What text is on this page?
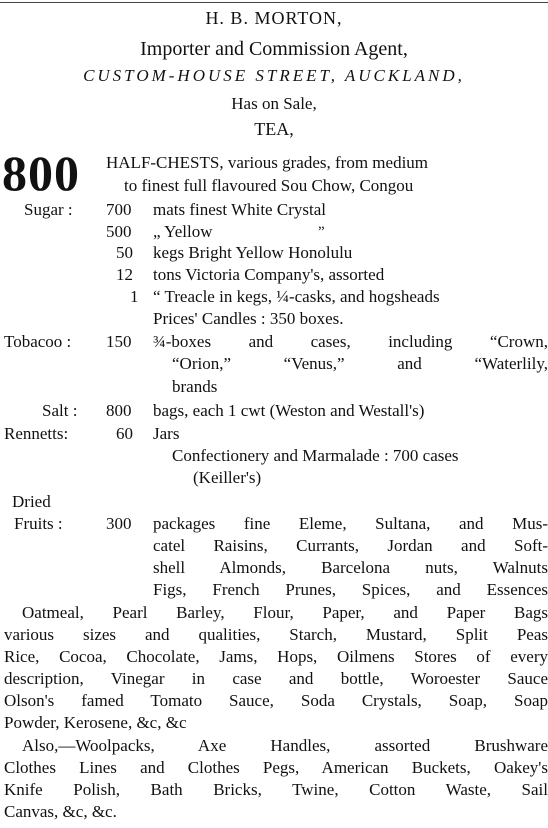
H. B. MORTON,
Importer and Commission Agent,
CUSTOM-HOUSE STREET, AUCKLAND,
Has on Sale,
TEA,
800 HALF-CHESTS, various grades, from medium
to finest full flavoured Sou Chow, Congou
Sugar : 700 mats finest White Crystal
500 „ Yellow	„
50 kegs Bright Yellow Honolulu
12 tons Victoria Company's, assorted
1 “ Treacle in kegs, ¼-casks, and hogsheads
Prices' Candles : 350 boxes.
Tobacoo : 150 ¾-boxes and cases, including “Crown,
“Orion,” “Venus,” and “Waterlily,
brands
Salt : 800 bags, each 1 cwt (Weston and Westall's)
Rennetts:	60 Jars
Confectionery and Marmalade : 700 cases
(Keiller's)
Dried
Fruits :	300 packages fine Eleme, Sultana, and Mus-
catel Raisins, Currants, Jordan and Soft-
shell Almonds, Barcelona nuts, Walnuts
Figs, French Prunes, Spices, and Essences
Oatmeal, Pearl Barley, Flour, Paper, and Paper Bags
various sizes and qualities, Starch, Mustard, Split Peas
Rice, Cocoa, Chocolate, Jams, Hops, Oilmens Stores of every
description, Vinegar in case and bottle, Woroester Sauce
Olson's famed Tomato Sauce, Soda Crystals, Soap, Soap
Powder, Kerosene, &c, &c
Also,—Woolpacks, Axe Handles, assorted Brushware
Clothes Lines and Clothes Pegs, American Buckets, Oakey's
Knife Polish, Bath Bricks, Twine, Cotton Waste, Sail
Canvas, &c, &c.
